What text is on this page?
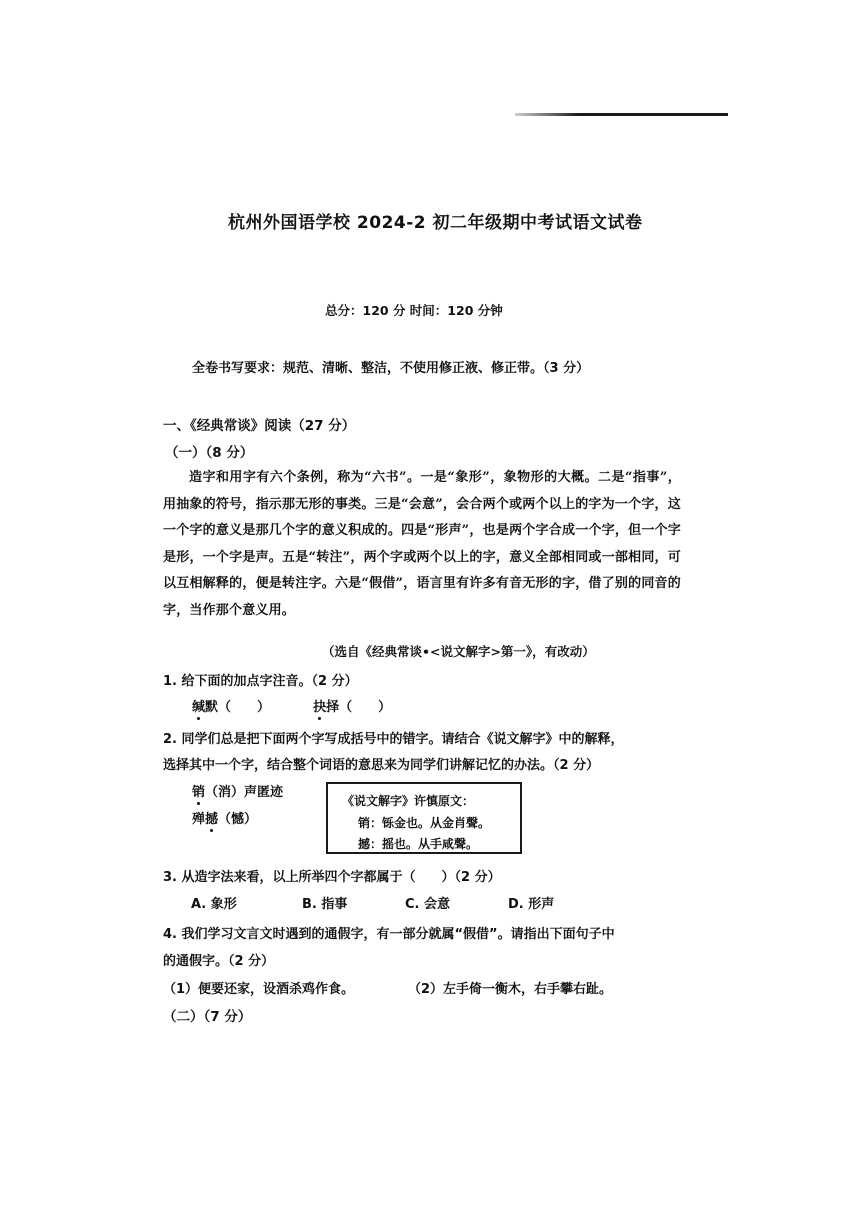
杭州外国语学校 2024-2 初二年级期中考试语文试卷
总分：120 分 时间：120 分钟
全卷书写要求：规范、清晰、整洁，不使用修正液、修正带。（3 分）
一、《经典常谈》阅读（27 分）
（一）（8 分）

造字和用字有六个条例，称为“六书”。一是“象形”，象物形的大概。二是“指事”，用抽象的符号，指示那无形的事类。三是“会意”，会合两个或两个以上的字为一个字，这一个字的意义是那几个字的意义积成的。四是“形声”，也是两个字合成一个字，但一个字是形，一个字是声。五是“转注”，两个字或两个以上的字，意义全部相同或一部相同，可以互相解释的，便是转注字。六是“假借”，语言里有许多有音无形的字，借了别的同音的字，当作那个意义用。

（选自《经典常谈•<说文解字>第一》，有改动）
1. 给下面的加点字注音。（2 分）
缄默（　　）	抉择（　　）
2. 同学们总是把下面两个字写成括号中的错字。请结合《说文解字》中的解释，
选择其中一个字，结合整个词语的意思来为同学们讲解记忆的办法。（2 分）
销（消）声匿迹
殚撼（憾）
《说文解字》许慎原文：
销：铄金也。从金肖聲。
撼：摇也。从手咸聲。
3. 从造字法来看，以上所举四个字都属于（　　）（2 分）
A. 象形	B. 指事	C. 会意	D. 形声
4. 我们学习文言文时遇到的通假字，有一部分就属“假借”。请指出下面句子中
的通假字。（2 分）
（1）便要还家，设酒杀鸡作食。	（2）左手倚一衡木，右手攀右趾。
（二）（7 分）
